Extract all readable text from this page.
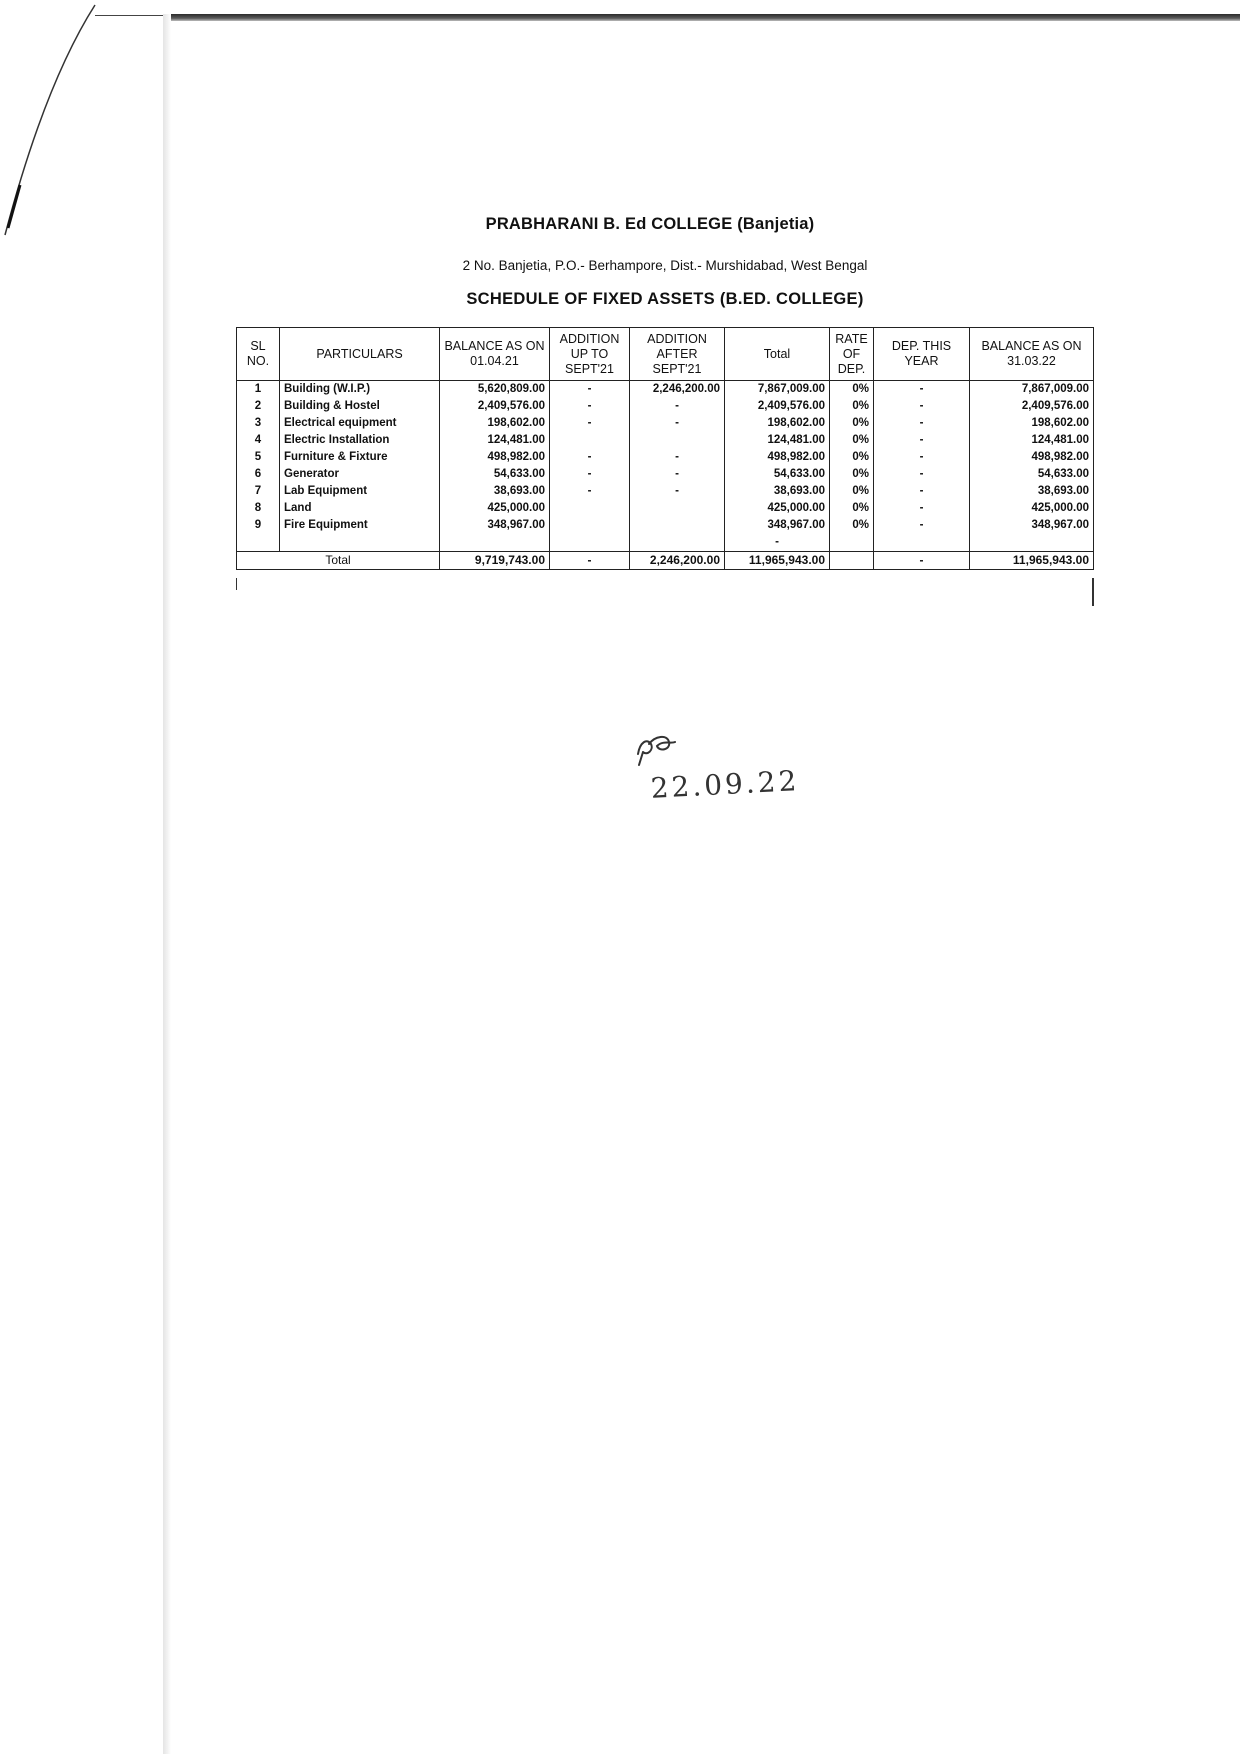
PRABHARANI B. Ed COLLEGE (Banjetia)
2 No. Banjetia, P.O.- Berhampore, Dist.- Murshidabad, West Bengal
SCHEDULE OF FIXED ASSETS (B.ED. COLLEGE)
SL NO.	PARTICULARS	BALANCE AS ON 01.04.21	ADDITION UP TO SEPT'21	ADDITION AFTER SEPT'21	Total	RATE OF DEP.	DEP. THIS YEAR	BALANCE AS ON 31.03.22
1	Building (W.I.P.)	5,620,809.00	-	2,246,200.00	7,867,009.00	0%	-	7,867,009.00
2	Building & Hostel	2,409,576.00	-	-	2,409,576.00	0%	-	2,409,576.00
3	Electrical equipment	198,602.00	-	-	198,602.00	0%	-	198,602.00
4	Electric Installation	124,481.00			124,481.00	0%	-	124,481.00
5	Furniture & Fixture	498,982.00	-	-	498,982.00	0%	-	498,982.00
6	Generator	54,633.00	-	-	54,633.00	0%	-	54,633.00
7	Lab Equipment	38,693.00	-	-	38,693.00	0%	-	38,693.00
8	Land	425,000.00			425,000.00	0%	-	425,000.00
9	Fire Equipment	348,967.00			348,967.00	0%	-	348,967.00
					-			
Total		9,719,743.00	-	2,246,200.00	11,965,943.00		-	11,965,943.00
22.09.22
